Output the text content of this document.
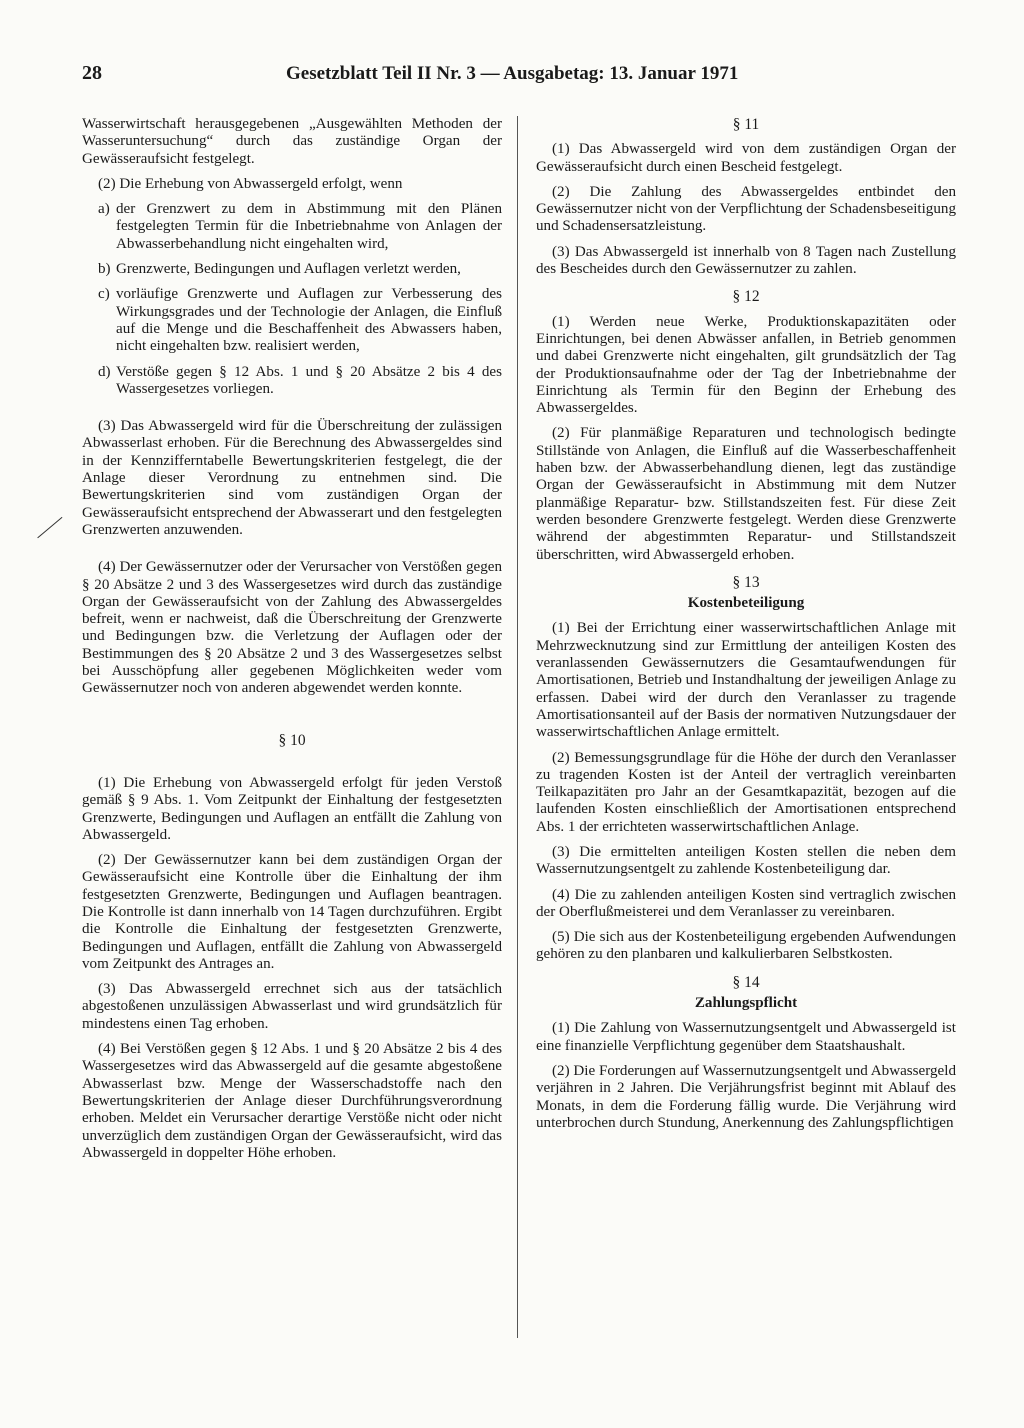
28	Gesetzblatt Teil II Nr. 3 — Ausgabetag: 13. Januar 1971

Wasserwirtschaft herausgegebenen „Ausgewählten Methoden der Wasseruntersuchung“ durch das zuständige Organ der Gewässeraufsicht festgelegt.

(2) Die Erhebung von Abwassergeld erfolgt, wenn

a) der Grenzwert zu dem in Abstimmung mit den Plänen festgelegten Termin für die Inbetriebnahme von Anlagen der Abwasserbehandlung nicht eingehalten wird,
b) Grenzwerte, Bedingungen und Auflagen verletzt werden,
c) vorläufige Grenzwerte und Auflagen zur Verbesserung des Wirkungsgrades und der Technologie der Anlagen, die Einfluß auf die Menge und die Beschaffenheit des Abwassers haben, nicht eingehalten bzw. realisiert werden,
d) Verstöße gegen § 12 Abs. 1 und § 20 Absätze 2 bis 4 des Wassergesetzes vorliegen.

(3) Das Abwassergeld wird für die Überschreitung der zulässigen Abwasserlast erhoben. Für die Berechnung des Abwassergeldes sind in der Kennzifferntabelle Bewertungskriterien festgelegt, die der Anlage dieser Verordnung zu entnehmen sind. Die Bewertungskriterien sind vom zuständigen Organ der Gewässeraufsicht entsprechend der Abwasserart und den festgelegten Grenzwerten anzuwenden.

(4) Der Gewässernutzer oder der Verursacher von Verstößen gegen § 20 Absätze 2 und 3 des Wassergesetzes wird durch das zuständige Organ der Gewässeraufsicht von der Zahlung des Abwassergeldes befreit, wenn er nachweist, daß die Überschreitung der Grenzwerte und Bedingungen bzw. die Verletzung der Auflagen oder der Bestimmungen des § 20 Absätze 2 und 3 des Wassergesetzes selbst bei Ausschöpfung aller gegebenen Möglichkeiten weder vom Gewässernutzer noch von anderen abgewendet werden konnte.

§ 10

(1) Die Erhebung von Abwassergeld erfolgt für jeden Verstoß gemäß § 9 Abs. 1. Vom Zeitpunkt der Einhaltung der festgesetzten Grenzwerte, Bedingungen und Auflagen an entfällt die Zahlung von Abwassergeld.

(2) Der Gewässernutzer kann bei dem zuständigen Organ der Gewässeraufsicht eine Kontrolle über die Einhaltung der ihm festgesetzten Grenzwerte, Bedingungen und Auflagen beantragen. Die Kontrolle ist dann innerhalb von 14 Tagen durchzuführen. Ergibt die Kontrolle die Einhaltung der festgesetzten Grenzwerte, Bedingungen und Auflagen, entfällt die Zahlung von Abwassergeld vom Zeitpunkt des Antrages an.

(3) Das Abwassergeld errechnet sich aus der tatsächlich abgestoßenen unzulässigen Abwasserlast und wird grundsätzlich für mindestens einen Tag erhoben.

(4) Bei Verstößen gegen § 12 Abs. 1 und § 20 Absätze 2 bis 4 des Wassergesetzes wird das Abwassergeld auf die gesamte abgestoßene Abwasserlast bzw. Menge der Wasserschadstoffe nach den Bewertungskriterien der Anlage dieser Durchführungsverordnung erhoben. Meldet ein Verursacher derartige Verstöße nicht oder nicht unverzüglich dem zuständigen Organ der Gewässeraufsicht, wird das Abwassergeld in doppelter Höhe erhoben.

§ 11

(1) Das Abwassergeld wird von dem zuständigen Organ der Gewässeraufsicht durch einen Bescheid festgelegt.

(2) Die Zahlung des Abwassergeldes entbindet den Gewässernutzer nicht von der Verpflichtung der Schadensbeseitigung und Schadensersatzleistung.

(3) Das Abwassergeld ist innerhalb von 8 Tagen nach Zustellung des Bescheides durch den Gewässernutzer zu zahlen.

§ 12

(1) Werden neue Werke, Produktionskapazitäten oder Einrichtungen, bei denen Abwässer anfallen, in Betrieb genommen und dabei Grenzwerte nicht eingehalten, gilt grundsätzlich der Tag der Produktionsaufnahme oder der Tag der Inbetriebnahme der Einrichtung als Termin für den Beginn der Erhebung des Abwassergeldes.

(2) Für planmäßige Reparaturen und technologisch bedingte Stillstände von Anlagen, die Einfluß auf die Wasserbeschaffenheit haben bzw. der Abwasserbehandlung dienen, legt das zuständige Organ der Gewässeraufsicht in Abstimmung mit dem Nutzer planmäßige Reparatur- bzw. Stillstandszeiten fest. Für diese Zeit werden besondere Grenzwerte festgelegt. Werden diese Grenzwerte während der abgestimmten Reparatur- und Stillstandszeit überschritten, wird Abwassergeld erhoben.

§ 13
Kostenbeteiligung

(1) Bei der Errichtung einer wasserwirtschaftlichen Anlage mit Mehrzwecknutzung sind zur Ermittlung der anteiligen Kosten des veranlassenden Gewässernutzers die Gesamtaufwendungen für Amortisationen, Betrieb und Instandhaltung der jeweiligen Anlage zu erfassen. Dabei wird der durch den Veranlasser zu tragende Amortisationsanteil auf der Basis der normativen Nutzungsdauer der wasserwirtschaftlichen Anlage ermittelt.

(2) Bemessungsgrundlage für die Höhe der durch den Veranlasser zu tragenden Kosten ist der Anteil der vertraglich vereinbarten Teilkapazitäten pro Jahr an der Gesamtkapazität, bezogen auf die laufenden Kosten einschließlich der Amortisationen entsprechend Abs. 1 der errichteten wasserwirtschaftlichen Anlage.

(3) Die ermittelten anteiligen Kosten stellen die neben dem Wassernutzungsentgelt zu zahlende Kostenbeteiligung dar.

(4) Die zu zahlenden anteiligen Kosten sind vertraglich zwischen der Oberflußmeisterei und dem Veranlasser zu vereinbaren.

(5) Die sich aus der Kostenbeteiligung ergebenden Aufwendungen gehören zu den planbaren und kalkulierbaren Selbstkosten.

§ 14
Zahlungspflicht

(1) Die Zahlung von Wassernutzungsentgelt und Abwassergeld ist eine finanzielle Verpflichtung gegenüber dem Staatshaushalt.

(2) Die Forderungen auf Wassernutzungsentgelt und Abwassergeld verjähren in 2 Jahren. Die Verjährungsfrist beginnt mit Ablauf des Monats, in dem die Forderung fällig wurde. Die Verjährung wird unterbrochen durch Stundung, Anerkennung des Zahlungspflichtigen
